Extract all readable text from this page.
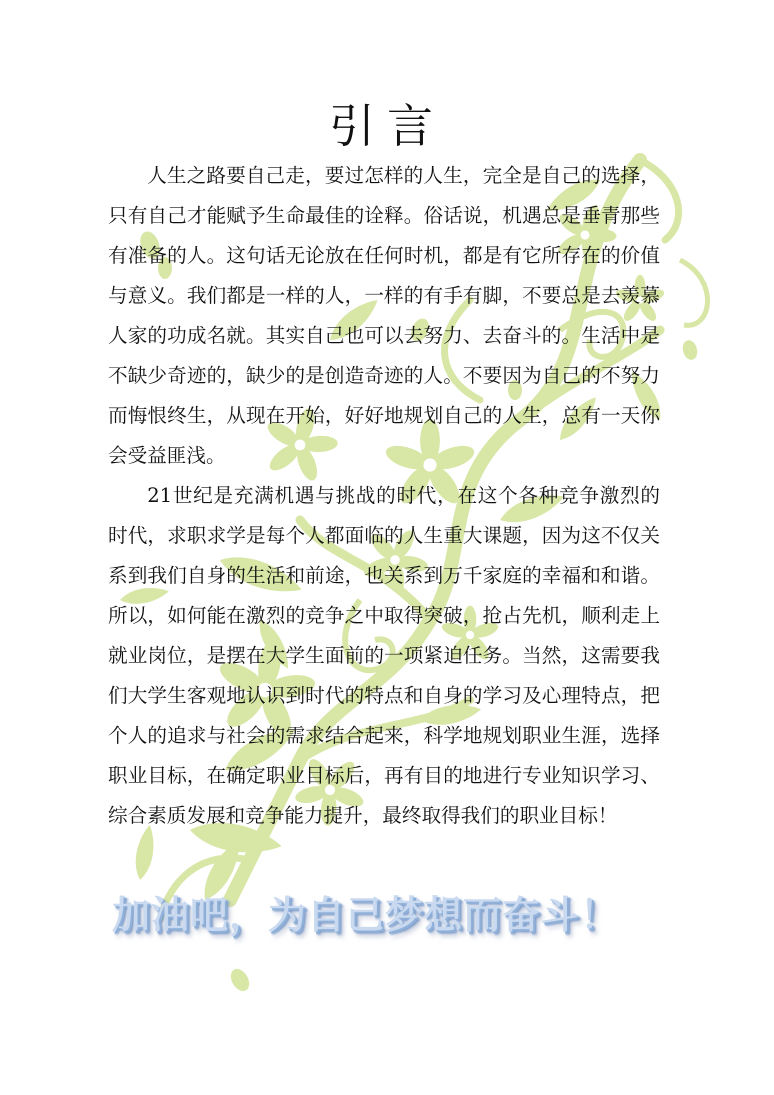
引言

人生之路要自己走，要过怎样的人生，完全是自己的选择，只有自己才能赋予生命最佳的诠释。俗话说，机遇总是垂青那些有准备的人。这句话无论放在任何时机，都是有它所存在的价值与意义。我们都是一样的人，一样的有手有脚，不要总是去羡慕人家的功成名就。其实自己也可以去努力、去奋斗的。生活中是不缺少奇迹的，缺少的是创造奇迹的人。不要因为自己的不努力而悔恨终生，从现在开始，好好地规划自己的人生，总有一天你会受益匪浅。

21世纪是充满机遇与挑战的时代，在这个各种竞争激烈的时代，求职求学是每个人都面临的人生重大课题，因为这不仅关系到我们自身的生活和前途，也关系到万千家庭的幸福和和谐。所以，如何能在激烈的竞争之中取得突破，抢占先机，顺利走上就业岗位，是摆在大学生面前的一项紧迫任务。当然，这需要我们大学生客观地认识到时代的特点和自身的学习及心理特点，把个人的追求与社会的需求结合起来，科学地规划职业生涯，选择职业目标，在确定职业目标后，再有目的地进行专业知识学习、综合素质发展和竞争能力提升，最终取得我们的职业目标！

加油吧，为自己梦想而奋斗！
